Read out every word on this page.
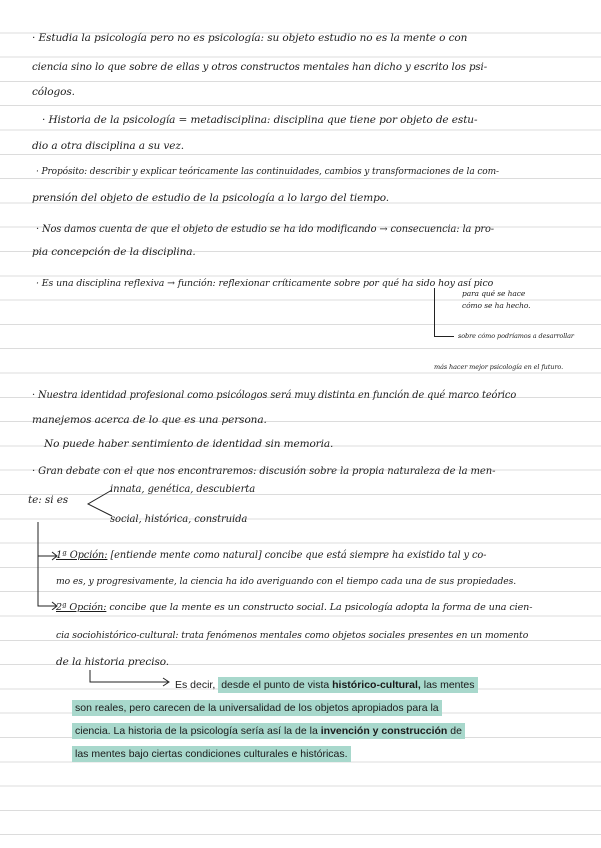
· Estudia la psicología pero no es psicología: su objeto estudio no es la mente o con
ciencia sino lo que sobre de ellas y otros constructos mentales han dicho y escrito los psi-
cólogos.
· Historia de la psicología = metadisciplina: disciplina que tiene por objeto de estu-
dio a otra disciplina a su vez.
· Propósito: describir y explicar teóricamente las continuidades, cambios y transformaciones de la com-
prensión del objeto de estudio de la psicología a lo largo del tiempo.
· Nos damos cuenta de que el objeto de estudio se ha ido modificando → consecuencia: la pro-
pia concepción de la disciplina.
· Es una disciplina reflexiva → función: reflexionar críticamente sobre por qué ha sido hoy así pico
para qué se hace
cómo se ha hecho.
sobre cómo podríamos a desarrollar
más hacer mejor psicología en el futuro.
· Nuestra identidad profesional como psicólogos será muy distinta en función de qué marco teórico
manejemos acerca de lo que es una persona.
No puede haber sentimiento de identidad sin memoria.
· Gran debate con el que nos encontraremos: discusión sobre la propia naturaleza de la men-
te: si es
innata, genética, descubierta
social, histórica, construida
1ª Opción: [entiende mente como natural] concibe que está siempre ha existido tal y co-
mo es, y progresivamente, la ciencia ha ido averiguando con el tiempo cada una de sus propiedades.
2ª Opción: concibe que la mente es un constructo social. La psicología adopta la forma de una cien-
cia sociohistórico-cultural: trata fenómenos mentales como objetos sociales presentes en un momento
de la historia preciso.
Es decir, desde el punto de vista histórico-cultural, las mentes
son reales, pero carecen de la universalidad de los objetos apropiados para la
ciencia. La historia de la psicología sería así la de la invención y construcción de
las mentes bajo ciertas condiciones culturales e históricas.
